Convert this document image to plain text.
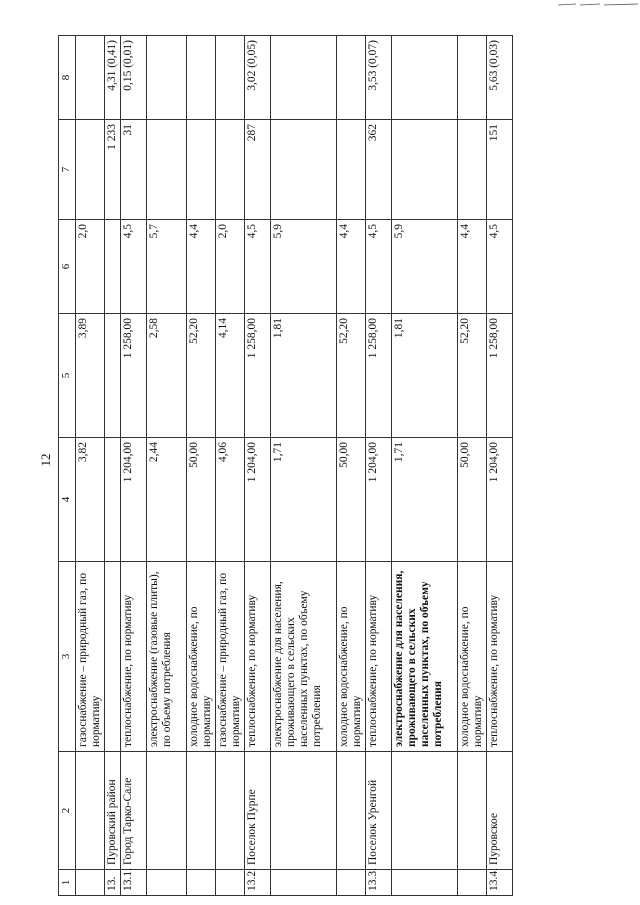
12
1	2	3	4	5	6	7	8
		газоснабжение – природный газ, по нормативу	3,82	3,89	2,0		
13.	Пуровский район					1 233	4,31 (0,41)
13.1.	Город Тарко-Сале	теплоснабжение, по нормативу	1 204,00	1 258,00	4,5	31	0,15 (0,01)
		электроснабжение (газовые плиты), по объему потребления	2,44	2,58	5,7		
		холодное водоснабжение, по нормативу	50,00	52,20	4,4		
		газоснабжение – природный газ, по нормативу	4,06	4,14	2,0		
13.2.	Поселок Пурпе	теплоснабжение, по нормативу	1 204,00	1 258,00	4,5	287	3,02 (0,05)
		электроснабжение для населения, проживающего в сельских населенных пунктах, по объему потребления	1,71	1,81	5,9		
		холодное водоснабжение, по нормативу	50,00	52,20	4,4		
13.3.	Поселок Уренгой	теплоснабжение, по нормативу	1 204,00	1 258,00	4,5	362	3,53 (0,07)
		электроснабжение для населения, проживающего в сельских населенных пунктах, по объему потребления	1,71	1,81	5,9		
		холодное водоснабжение, по нормативу	50,00	52,20	4,4		
13.4.	Пуровское	теплоснабжение, по нормативу	1 204,00	1 258,00	4,5	151	5,63 (0,03)
